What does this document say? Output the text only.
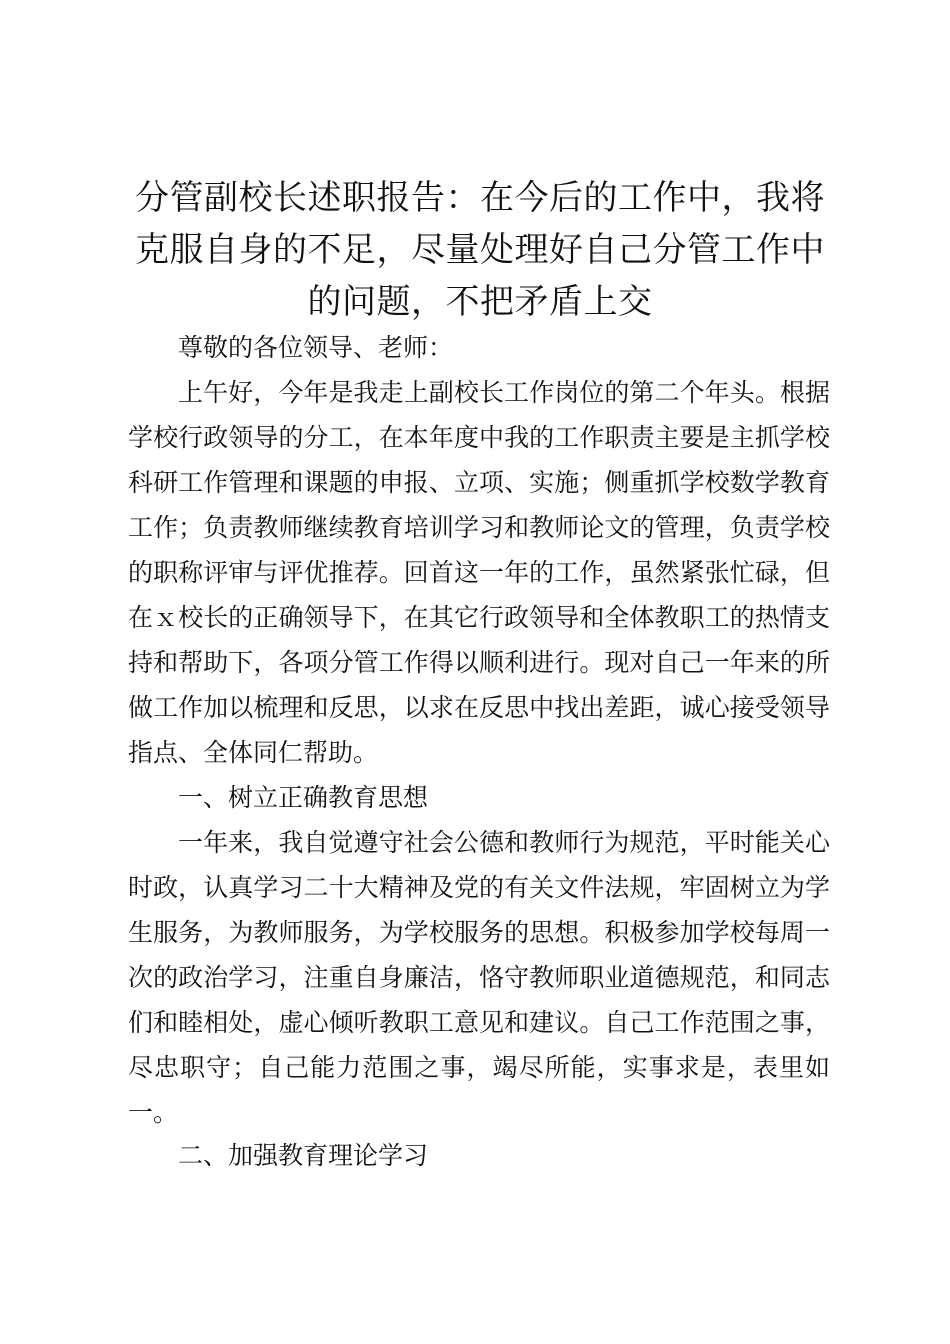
分管副校长述职报告：在今后的工作中，我将克服自身的不足，尽量处理好自己分管工作中的问题，不把矛盾上交

尊敬的各位领导、老师：

上午好，今年是我走上副校长工作岗位的第二个年头。根据学校行政领导的分工，在本年度中我的工作职责主要是主抓学校科研工作管理和课题的申报、立项、实施；侧重抓学校数学教育工作；负责教师继续教育培训学习和教师论文的管理，负责学校的职称评审与评优推荐。回首这一年的工作，虽然紧张忙碌，但在ｘ校长的正确领导下，在其它行政领导和全体教职工的热情支持和帮助下，各项分管工作得以顺利进行。现对自己一年来的所做工作加以梳理和反思，以求在反思中找出差距，诚心接受领导指点、全体同仁帮助。

一、树立正确教育思想

一年来，我自觉遵守社会公德和教师行为规范，平时能关心时政，认真学习二十大精神及党的有关文件法规，牢固树立为学生服务，为教师服务，为学校服务的思想。积极参加学校每周一次的政治学习，注重自身廉洁，恪守教师职业道德规范，和同志们和睦相处，虚心倾听教职工意见和建议。自己工作范围之事，尽忠职守；自己能力范围之事，竭尽所能，实事求是，表里如一。

二、加强教育理论学习
